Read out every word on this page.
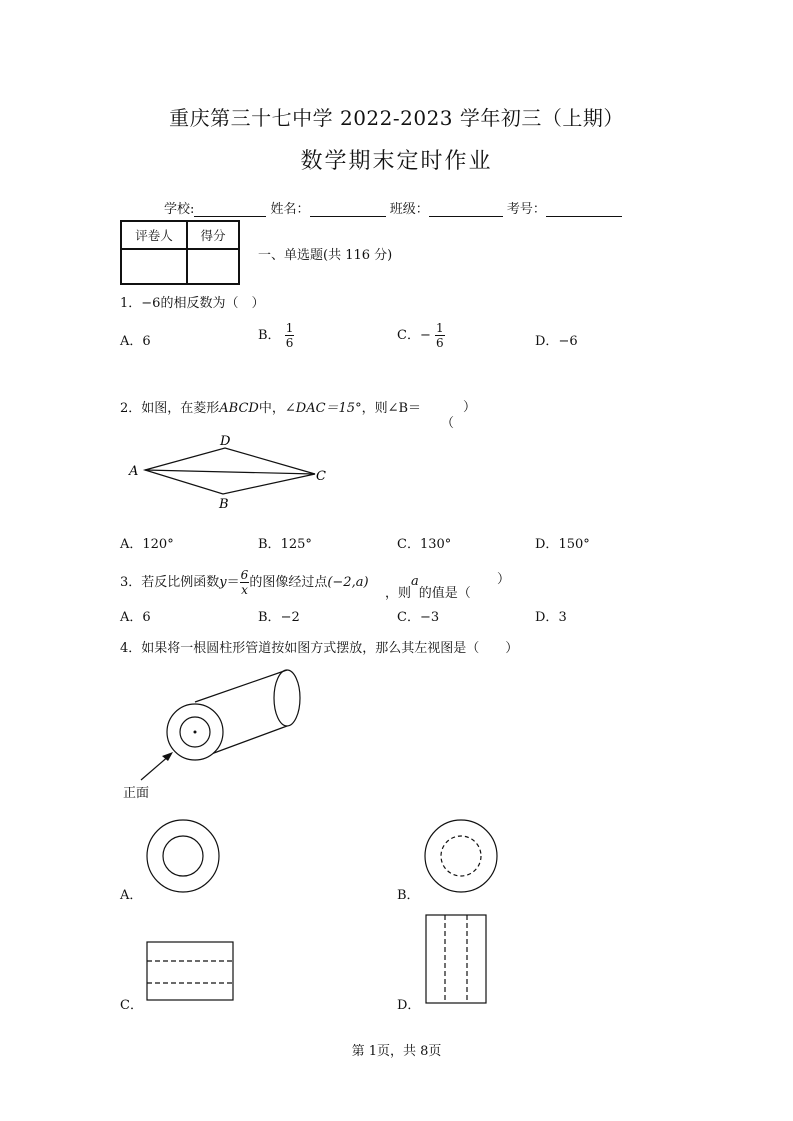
重庆第三十七中学 2022-2023 学年初三（上期）
数学期末定时作业
学校:	姓名：	班级：	考号：
评卷人	得分

一、单选题(共 116 分)
1．−6的相反数为（　）
A．6	B． $\frac{1}{6}$	C．− $\frac{1}{6}$	D．−6
2．如图，在菱形ABCD中，∠DAC＝15°，则∠B＝	）
（
A
D
C
B
A．120°	B．125°	C．130°	D．150°
3．若反比例函数$y= \frac{6}{x}$ 的图像经过点(−2,a)
，则a的值是（
）
A．6	B．−2	C．−3	D．3
4．如果将一根圆柱形管道按如图方式摆放，那么其左视图是（　　）
正面
A．	B．
C．	D．
第 1页，共 8页
